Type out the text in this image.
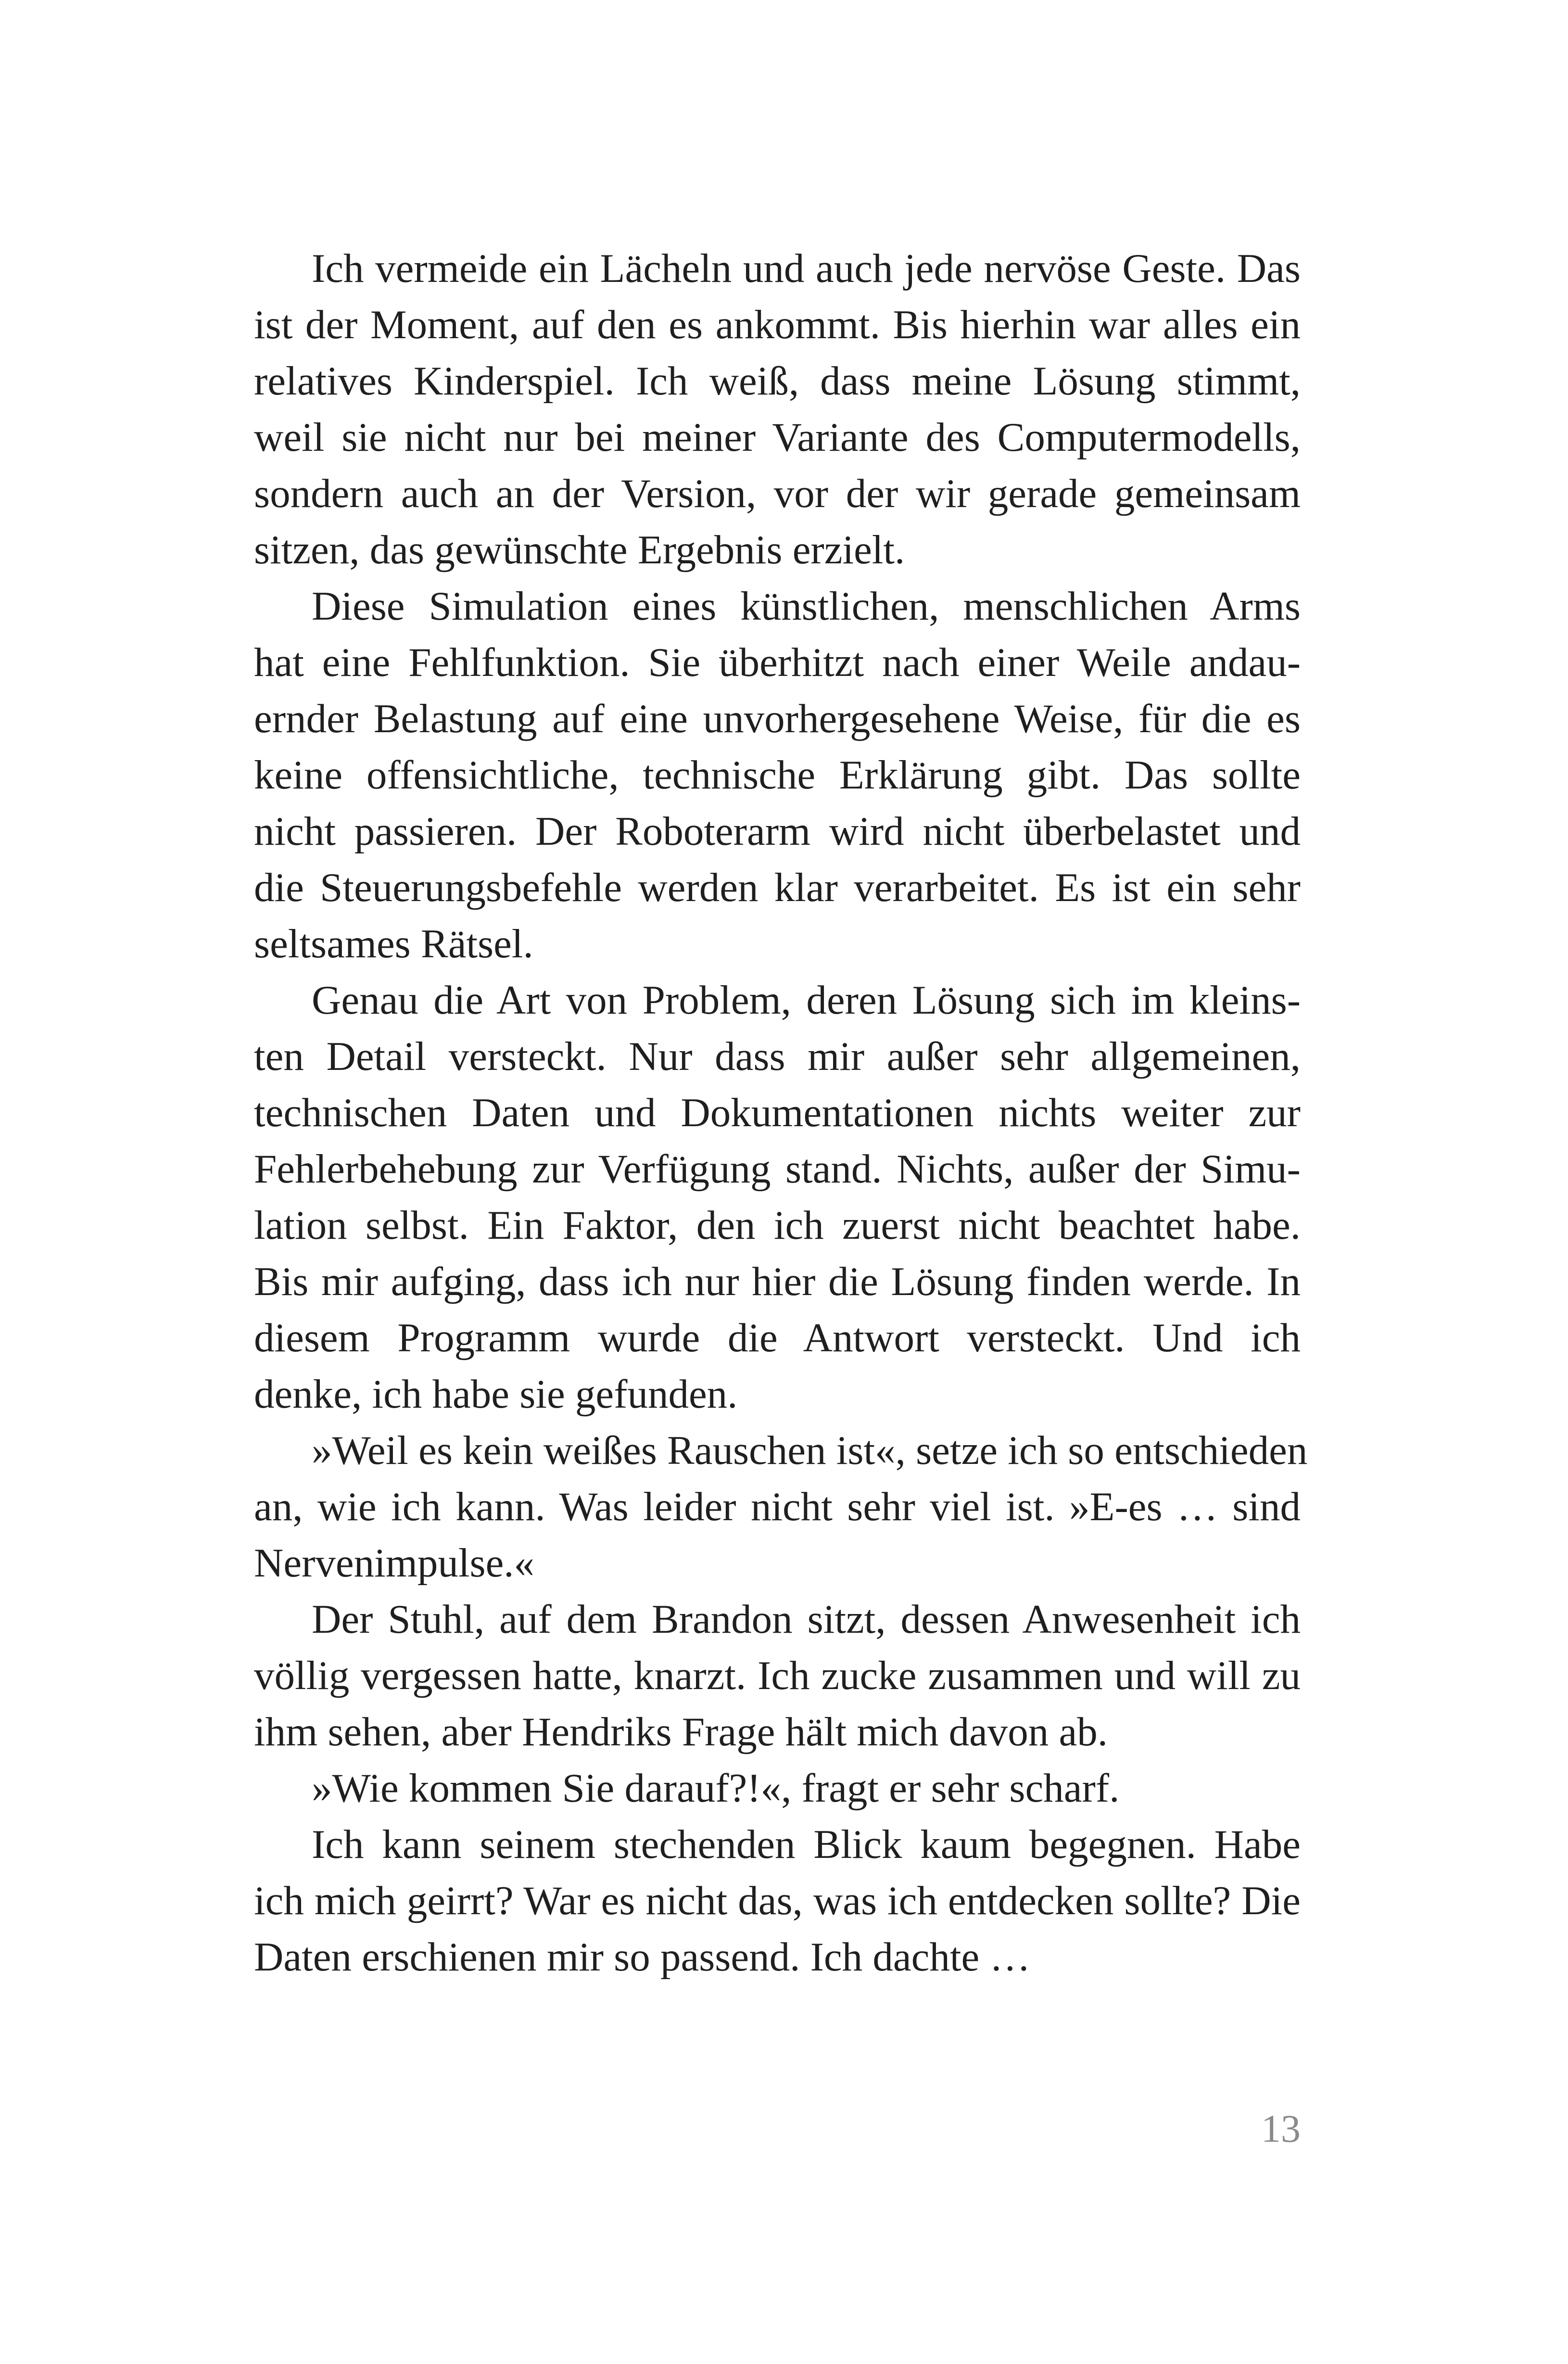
Ich vermeide ein Lächeln und auch jede nervöse Geste. Das
ist der Moment, auf den es ankommt. Bis hierhin war alles ein
relatives Kinderspiel. Ich weiß, dass meine Lösung stimmt,
weil sie nicht nur bei meiner Variante des Computermodells,
sondern auch an der Version, vor der wir gerade gemeinsam
sitzen, das gewünschte Ergebnis erzielt.
Diese Simulation eines künstlichen, menschlichen Arms
hat eine Fehlfunktion. Sie überhitzt nach einer Weile andau-
ernder Belastung auf eine unvorhergesehene Weise, für die es
keine offensichtliche, technische Erklärung gibt. Das sollte
nicht passieren. Der Roboterarm wird nicht überbelastet und
die Steuerungsbefehle werden klar verarbeitet. Es ist ein sehr
seltsames Rätsel.
Genau die Art von Problem, deren Lösung sich im kleins-
ten Detail versteckt. Nur dass mir außer sehr allgemeinen,
technischen Daten und Dokumentationen nichts weiter zur
Fehlerbehebung zur Verfügung stand. Nichts, außer der Simu-
lation selbst. Ein Faktor, den ich zuerst nicht beachtet habe.
Bis mir aufging, dass ich nur hier die Lösung finden werde. In
diesem Programm wurde die Antwort versteckt. Und ich
denke, ich habe sie gefunden.
»Weil es kein weißes Rauschen ist«, setze ich so entschieden
an, wie ich kann. Was leider nicht sehr viel ist. »E-es … sind
Nervenimpulse.«
Der Stuhl, auf dem Brandon sitzt, dessen Anwesenheit ich
völlig vergessen hatte, knarzt. Ich zucke zusammen und will zu
ihm sehen, aber Hendriks Frage hält mich davon ab.
»Wie kommen Sie darauf?!«, fragt er sehr scharf.
Ich kann seinem stechenden Blick kaum begegnen. Habe
ich mich geirrt? War es nicht das, was ich entdecken sollte? Die
Daten erschienen mir so passend. Ich dachte …
13
